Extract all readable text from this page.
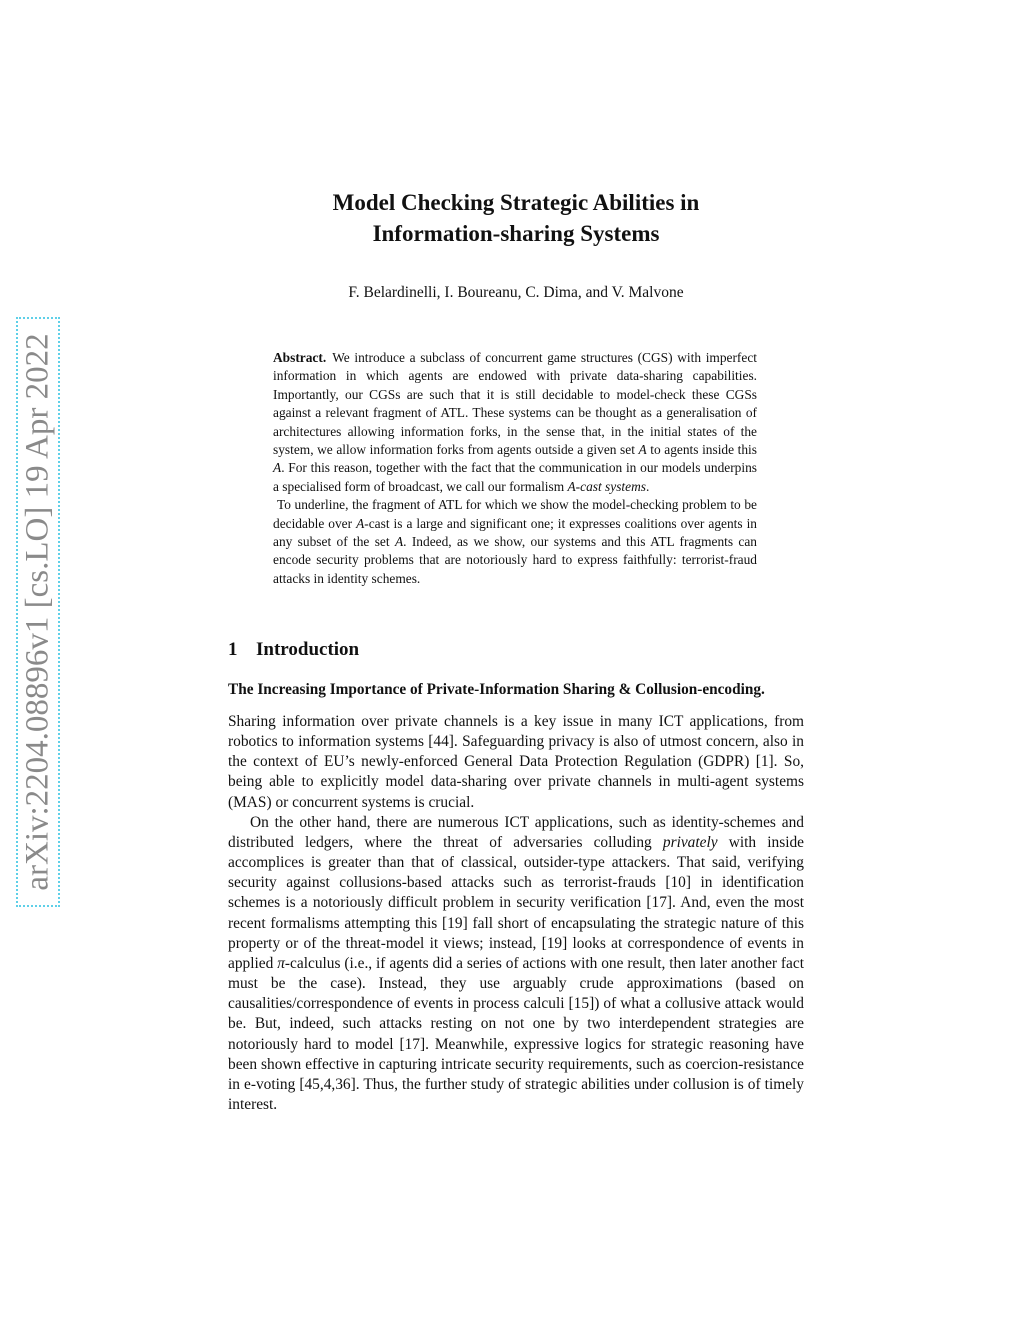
arXiv:2204.08896v1 [cs.LO] 19 Apr 2022
Model Checking Strategic Abilities in
Information-sharing Systems
F. Belardinelli, I. Boureanu, C. Dima, and V. Malvone

Abstract. We introduce a subclass of concurrent game structures (CGS) with imperfect information in which agents are endowed with private data-sharing capabilities. Importantly, our CGSs are such that it is still decidable to model-check these CGSs against a relevant fragment of ATL. These systems can be thought as a generalisation of architectures allowing information forks, in the sense that, in the initial states of the system, we allow information forks from agents outside a given set A to agents inside this A. For this reason, together with the fact that the communication in our models underpins a specialised form of broadcast, we call our formalism A-cast systems.

To underline, the fragment of ATL for which we show the model-checking problem to be decidable over A-cast is a large and significant one; it expresses coalitions over agents in any subset of the set A. Indeed, as we show, our systems and this ATL fragments can encode security problems that are notoriously hard to express faithfully: terrorist-fraud attacks in identity schemes.

1 Introduction
The Increasing Importance of Private-Information Sharing & Collusion-encoding.

Sharing information over private channels is a key issue in many ICT applications, from robotics to information systems [44]. Safeguarding privacy is also of utmost concern, also in the context of EU’s newly-enforced General Data Protection Regulation (GDPR) [1]. So, being able to explicitly model data-sharing over private channels in multi-agent systems (MAS) or concurrent systems is crucial.

On the other hand, there are numerous ICT applications, such as identity-schemes and distributed ledgers, where the threat of adversaries colluding privately with inside accomplices is greater than that of classical, outsider-type attackers. That said, verifying security against collusions-based attacks such as terrorist-frauds [10] in identification schemes is a notoriously difficult problem in security verification [17]. And, even the most recent formalisms attempting this [19] fall short of encapsulating the strategic nature of this property or of the threat-model it views; instead, [19] looks at correspondence of events in applied π-calculus (i.e., if agents did a series of actions with one result, then later another fact must be the case). Instead, they use arguably crude approximations (based on causalities/correspondence of events in process calculi [15]) of what a collusive attack would be. But, indeed, such attacks resting on not one by two interdependent strategies are notoriously hard to model [17]. Meanwhile, expressive logics for strategic reasoning have been shown effective in capturing intricate security requirements, such as coercion-resistance in e-voting [45,4,36]. Thus, the further study of strategic abilities under collusion is of timely interest.
